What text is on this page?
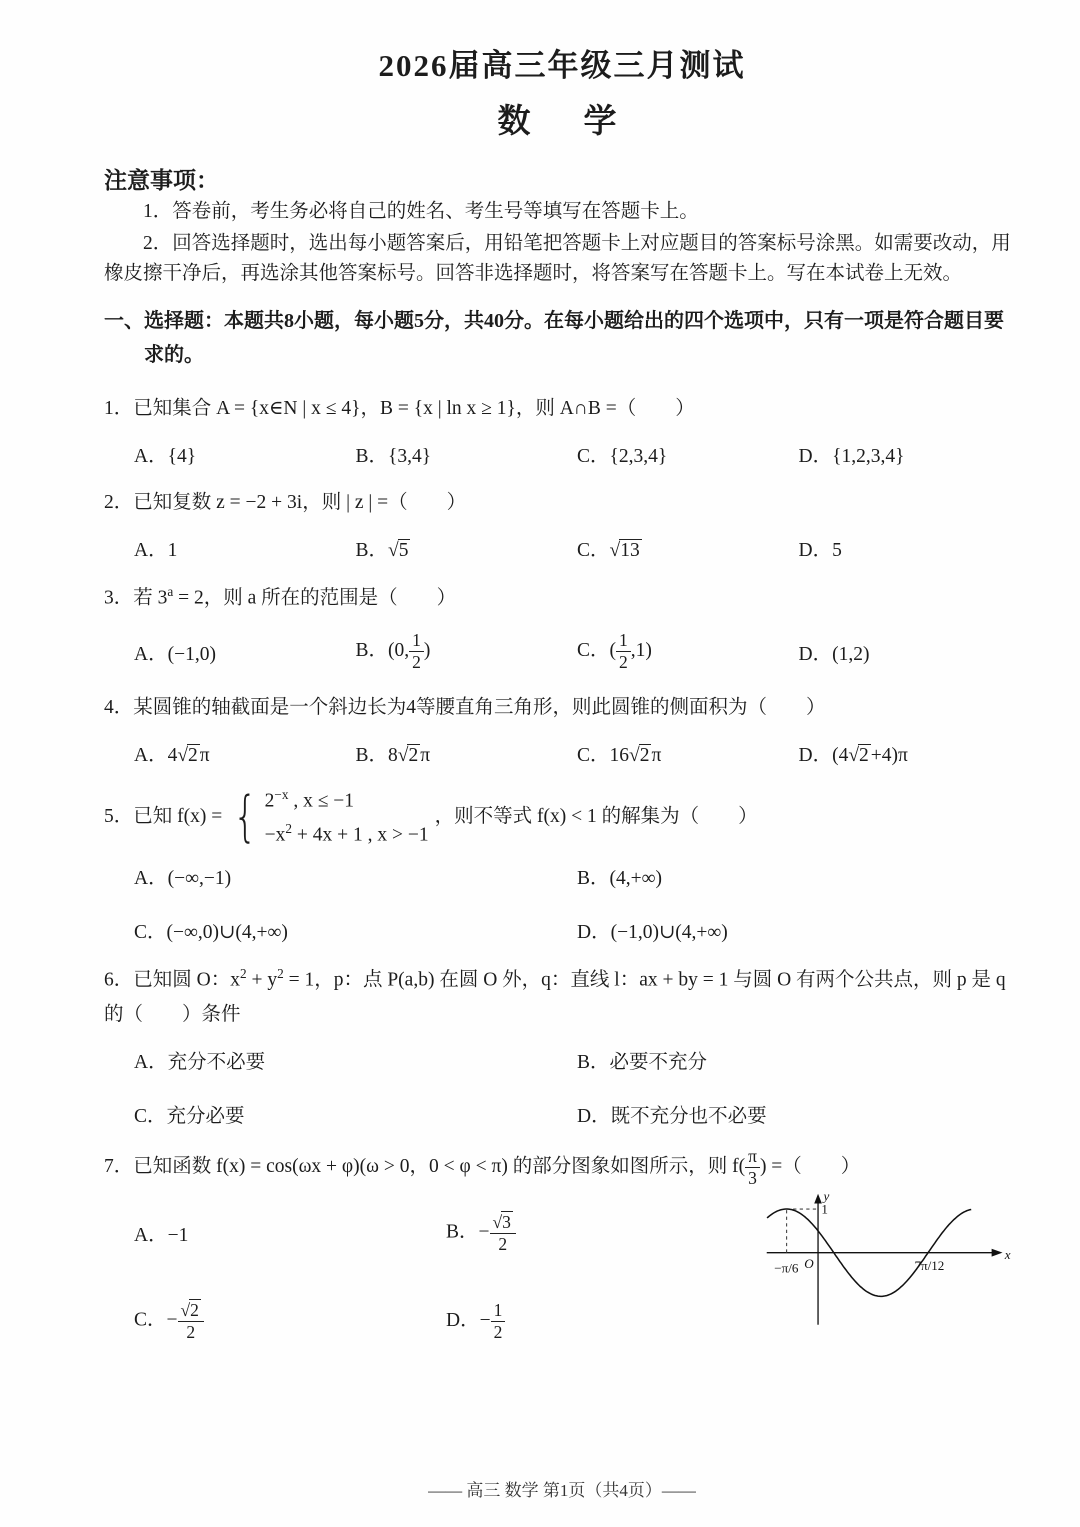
2026届高三年级三月测试
数　学
注意事项：

1．答卷前，考生务必将自己的姓名、考生号等填写在答题卡上。

2．回答选择题时，选出每小题答案后，用铅笔把答题卡上对应题目的答案标号涂黑。如需要改动，用橡皮擦干净后，再选涂其他答案标号。回答非选择题时，将答案写在答题卡上。写在本试卷上无效。

一、选择题：本题共8小题，每小题5分，共40分。在每小题给出的四个选项中，只有一项是符合题目要求的。
1．已知集合 A = {x∈N | x ≤ 4}，B = {x | ln x ≥ 1}，则 A∩B =（　　）
A．{4}	B．{3,4}	C．{2,3,4}	D．{1,2,3,4}
2．已知复数 z = −2 + 3i，则 | z | =（　　）
A．1	B．√5	C．√13	D．5
3．若 $3^a = 2$，则 a 所在的范围是（　　）
A．(−1,0)	B．(0, $\frac{1}{2}$ )	C．( $\frac{1}{2} ,1$)	D．(1,2)
4．某圆锥的轴截面是一个斜边长为4等腰直角三角形，则此圆锥的侧面积为（　　）
A．4√2 π	B．8√2 π	C．16√2 π	D．(4√2 +4)π
5．已知 f(x) =
{
$2^{-x}$ , x ≤ −1
$-x^2 + 4x + 1$ , x > −1
，则不等式 f(x) < 1 的解集为（　　）
A．(−∞,−1)	B．(4,+∞)
C．(−∞,0)∪(4,+∞)	D．(−1,0)∪(4,+∞)
6．已知圆 O：$x^2 + y^2 = 1$，p：点 P(a,b) 在圆 O 外，q：直线 l：ax + by = 1 与圆 O 有两个公共点，则 p 是 q 的（　　）条件
A．充分不必要	B．必要不充分
C．充分必要	D．既不充分也不必要
7．已知函数 f(x) = cos(ωx + φ)(ω > 0，0 < φ < π) 的部分图象如图所示，则 $f( \frac{\pi}{3}$ ) =（　　）
A．−1	B．− $\frac{√3}{2}$
C．− $\frac{√2}{2}$	D．− $\frac{1}{2}$
y
x
O
1
−π/6	7π/12
—— 高三 数学 第1页（共4页）——
